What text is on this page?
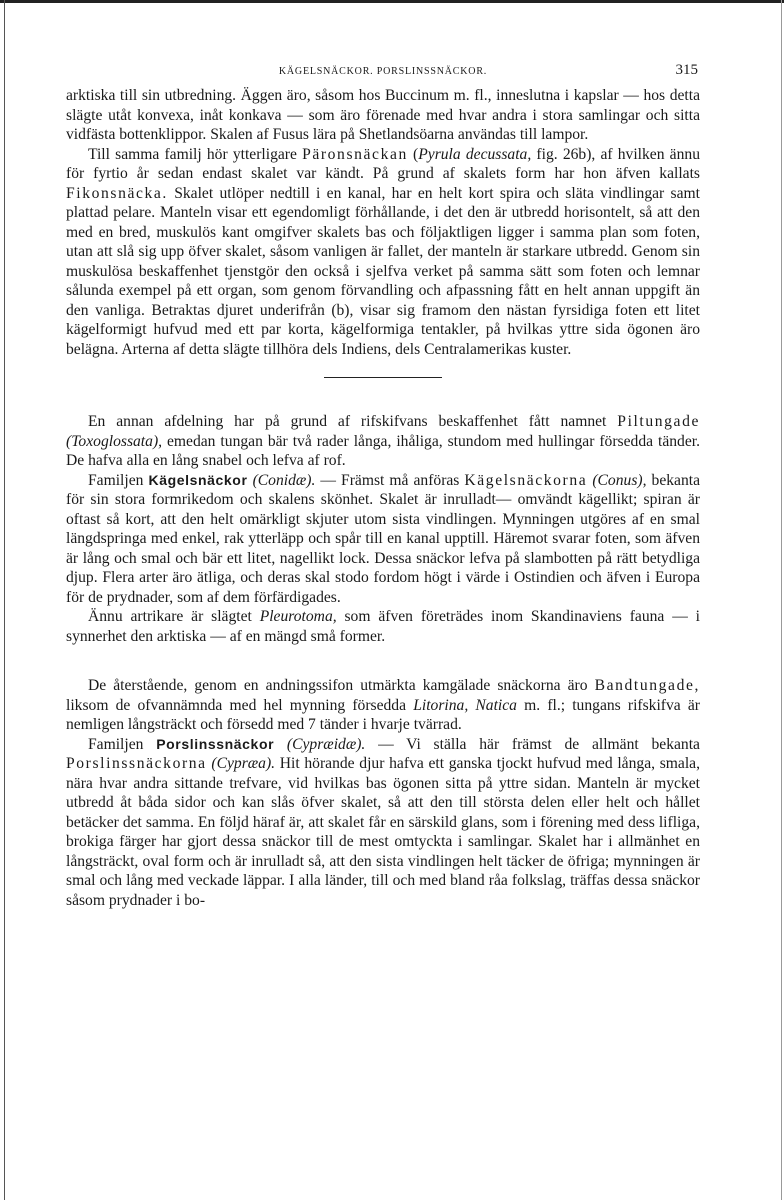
KÄGELSNÄCKOR. PORSLINSSNÄCKOR.	315

arktiska till sin utbredning. Äggen äro, såsom hos Buccinum m. fl., inneslutna i kapslar — hos detta slägte utåt konvexa, inåt konkava — som äro förenade med hvar andra i stora samlingar och sitta vidfästa bottenklippor. Skalen af Fusus lära på Shetlandsöarna användas till lampor.

Till samma familj hör ytterligare Päronsnäckan (Pyrula decussata, fig. 26b), af hvilken ännu för fyrtio år sedan endast skalet var kändt. På grund af skalets form har hon äfven kallats Fikonsnäcka. Skalet utlöper nedtill i en kanal, har en helt kort spira och släta vindlingar samt plattad pelare. Manteln visar ett egendomligt förhållande, i det den är utbredd horisontelt, så att den med en bred, muskulös kant omgifver skalets bas och följaktligen ligger i samma plan som foten, utan att slå sig upp öfver skalet, såsom vanligen är fallet, der manteln är starkare utbredd. Genom sin muskulösa beskaffenhet tjenstgör den också i sjelfva verket på samma sätt som foten och lemnar sålunda exempel på ett organ, som genom förvandling och afpassning fått en helt annan uppgift än den vanliga. Betraktas djuret underifrån (b), visar sig framom den nästan fyrsidiga foten ett litet kägelformigt hufvud med ett par korta, kägelformiga tentakler, på hvilkas yttre sida ögonen äro belägna. Arterna af detta slägte tillhöra dels Indiens, dels Centralamerikas kuster.

En annan afdelning har på grund af rifskifvans beskaffenhet fått namnet Piltungade (Toxoglossata), emedan tungan bär två rader långa, ihåliga, stundom med hullingar försedda tänder. De hafva alla en lång snabel och lefva af rof.

Familjen Kägelsnäckor (Conidæ). — Främst må anföras Kägelsnäckorna (Conus), bekanta för sin stora formrikedom och skalens skönhet. Skalet är inrulladt— omvändt kägellikt; spiran är oftast så kort, att den helt omärkligt skjuter utom sista vindlingen. Mynningen utgöres af en smal längdspringa med enkel, rak ytterläpp och spår till en kanal upptill. Häremot svarar foten, som äfven är lång och smal och bär ett litet, nagellikt lock. Dessa snäckor lefva på slambotten på rätt betydliga djup. Flera arter äro ätliga, och deras skal stodo fordom högt i värde i Ostindien och äfven i Europa för de prydnader, som af dem förfärdigades.

Ännu artrikare är slägtet Pleurotoma, som äfven företrädes inom Skandinaviens fauna — i synnerhet den arktiska — af en mängd små former.

De återstående, genom en andningssifon utmärkta kamgälade snäckorna äro Bandtungade, liksom de ofvannämnda med hel mynning försedda Litorina, Natica m. fl.; tungans rifskifva är nemligen långsträckt och försedd med 7 tänder i hvarje tvärrad.

Familjen Porslinssnäckor (Cypræidæ). — Vi ställa här främst de allmänt bekanta Porslinssnäckorna (Cypræa). Hit hörande djur hafva ett ganska tjockt hufvud med långa, smala, nära hvar andra sittande trefvare, vid hvilkas bas ögonen sitta på yttre sidan. Manteln är mycket utbredd åt båda sidor och kan slås öfver skalet, så att den till största delen eller helt och hållet betäcker det samma. En följd häraf är, att skalet får en särskild glans, som i förening med dess lifliga, brokiga färger har gjort dessa snäckor till de mest omtyckta i samlingar. Skalet har i allmänhet en långsträckt, oval form och är inrulladt så, att den sista vindlingen helt täcker de öfriga; mynningen är smal och lång med veckade läppar. I alla länder, till och med bland råa folkslag, träffas dessa snäckor såsom prydnader i bo-
